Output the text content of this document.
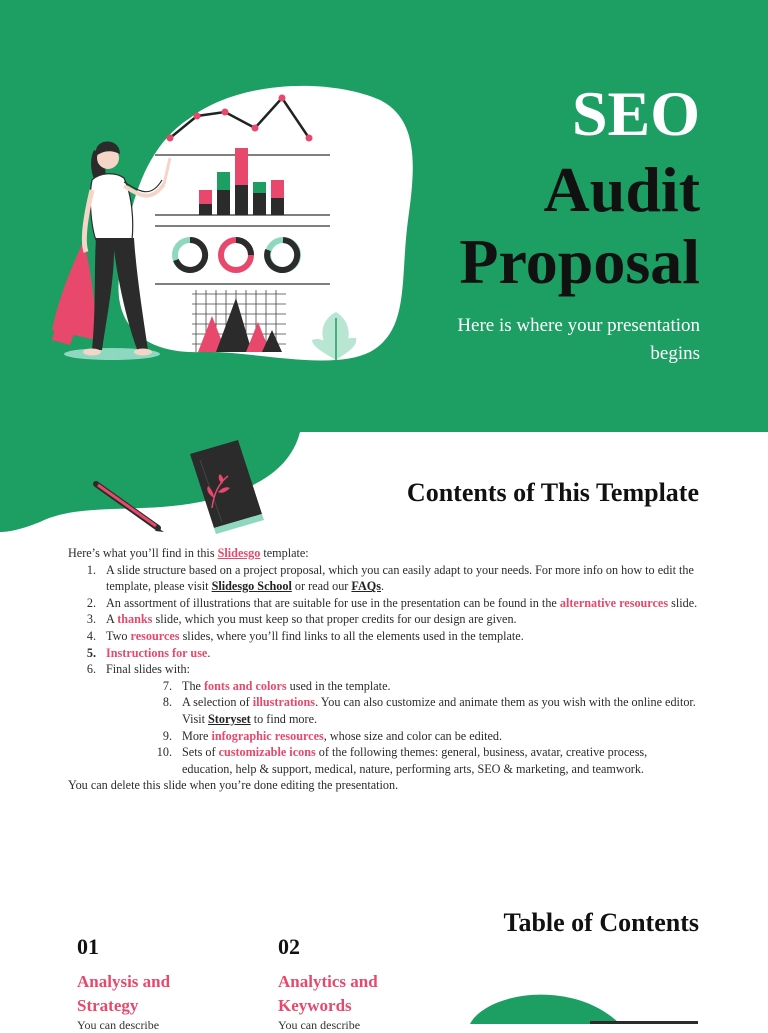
SEO
Audit
Proposal
Here is where your presentation begins
Contents of This Template
Here’s what you’ll find in this Slidesgo template:
1. A slide structure based on a project proposal, which you can easily adapt to your needs. For more info on how to edit the template, please visit Slidesgo School or read our FAQs.
2. An assortment of illustrations that are suitable for use in the presentation can be found in the alternative resources slide.
3. A thanks slide, which you must keep so that proper credits for our design are given.
4. Two resources slides, where you’ll find links to all the elements used in the template.
5. Instructions for use.
6. Final slides with:
7. The fonts and colors used in the template.
8. A selection of illustrations. You can also customize and animate them as you wish with the online editor. Visit Storyset to find more.
9. More infographic resources, whose size and color can be edited.
10. Sets of customizable icons of the following themes: general, business, avatar, creative process, education, help & support, medical, nature, performing arts, SEO & marketing, and teamwork.
You can delete this slide when you’re done editing the presentation.
Table of Contents
01
Analysis and Strategy
You can describe
02
Analytics and Keywords
You can describe
